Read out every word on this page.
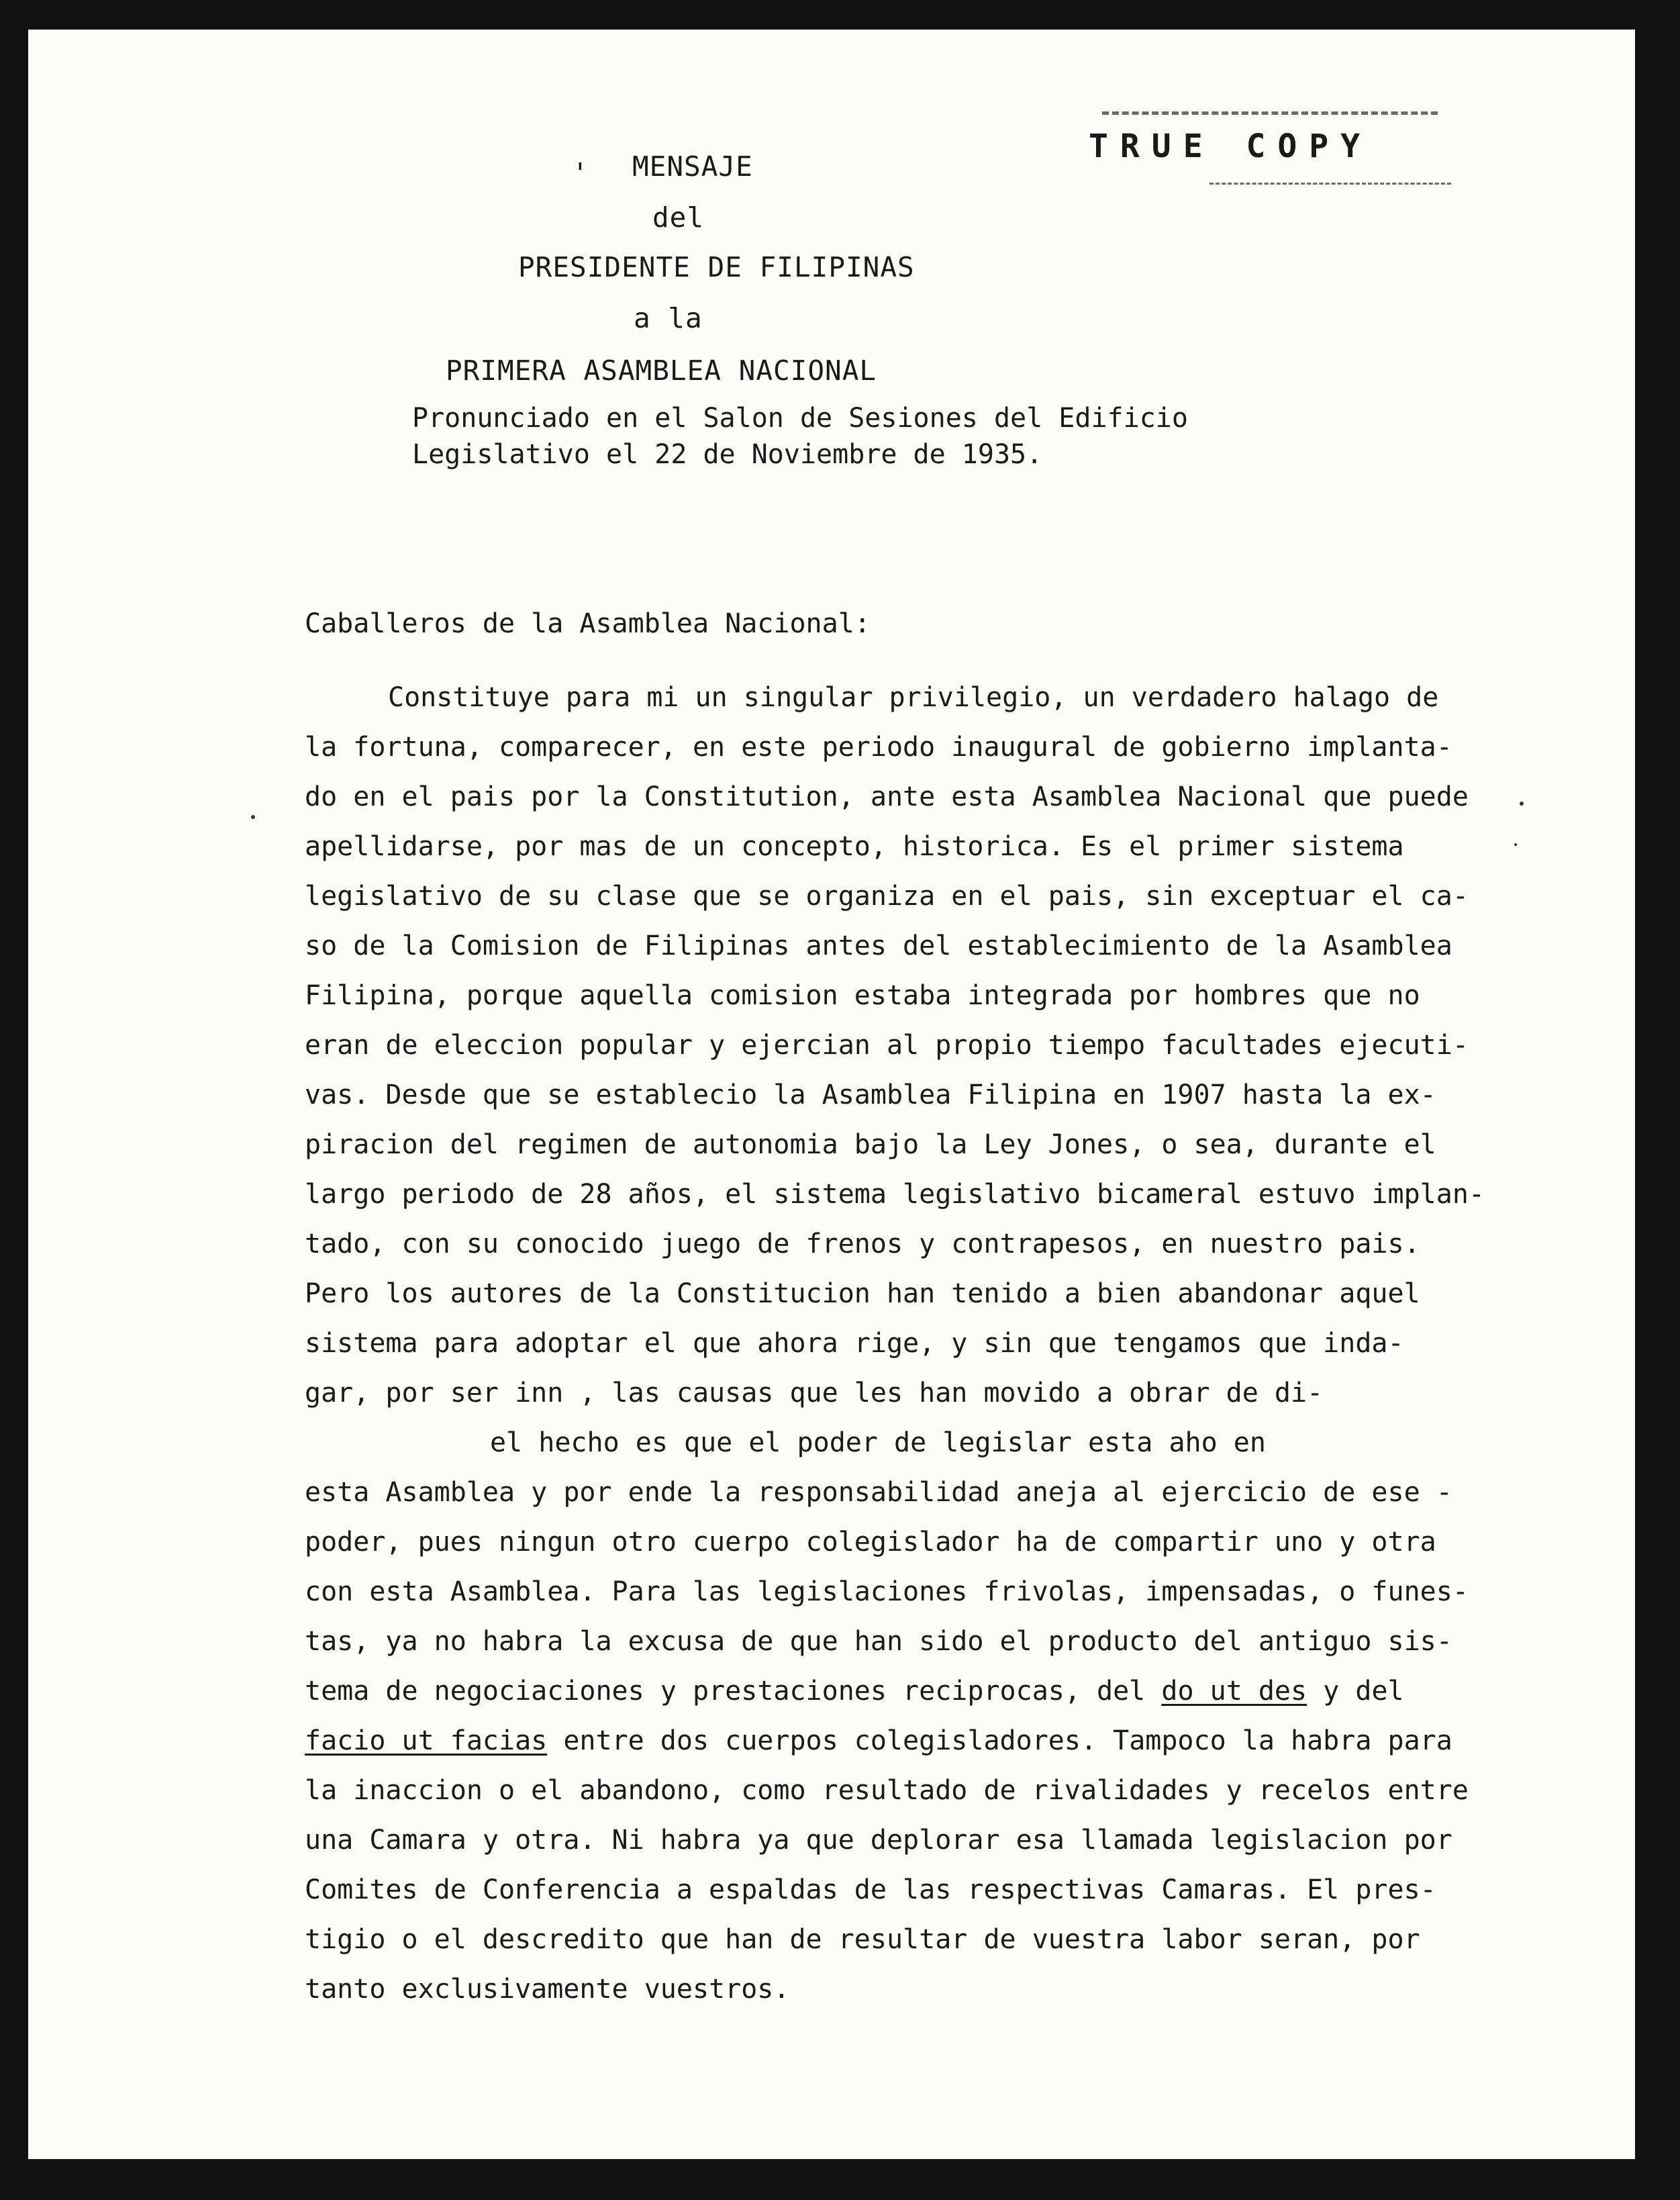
TRUE COPY
' MENSAJE
del
PRESIDENTE DE FILIPINAS
a la
PRIMERA ASAMBLEA NACIONAL
Pronunciado en el Salon de Sesiones del Edificio
Legislativo el 22 de Noviembre de 1935.
Caballeros de la Asamblea Nacional:
Constituye para mi un singular privilegio, un verdadero halago de
la fortuna, comparecer, en este periodo inaugural de gobierno implanta-
do en el pais por la Constitution, ante esta Asamblea Nacional que puede
apellidarse, por mas de un concepto, historica. Es el primer sistema
legislativo de su clase que se organiza en el pais, sin exceptuar el ca-
so de la Comision de Filipinas antes del establecimiento de la Asamblea
Filipina, porque aquella comision estaba integrada por hombres que no
eran de eleccion popular y ejercian al propio tiempo facultades ejecuti-
vas. Desde que se establecio la Asamblea Filipina en 1907 hasta la ex-
piracion del regimen de autonomia bajo la Ley Jones, o sea, durante el
largo periodo de 28 años, el sistema legislativo bicameral estuvo implan-
tado, con su conocido juego de frenos y contrapesos, en nuestro pais.
Pero los autores de la Constitucion han tenido a bien abandonar aquel
sistema para adoptar el que ahora rige, y sin que tengamos que inda-
gar, por ser inn , las causas que les han movido a obrar de di-
el hecho es que el poder de legislar esta aho en
esta Asamblea y por ende la responsabilidad aneja al ejercicio de ese -
poder, pues ningun otro cuerpo colegislador ha de compartir uno y otra
con esta Asamblea. Para las legislaciones frivolas, impensadas, o funes-
tas, ya no habra la excusa de que han sido el producto del antiguo sis-
tema de negociaciones y prestaciones reciprocas, del do ut des y del
facio ut facias entre dos cuerpos colegisladores. Tampoco la habra para
la inaccion o el abandono, como resultado de rivalidades y recelos entre
una Camara y otra. Ni habra ya que deplorar esa llamada legislacion por
Comites de Conferencia a espaldas de las respectivas Camaras. El pres-
tigio o el descredito que han de resultar de vuestra labor seran, por
tanto exclusivamente vuestros.
